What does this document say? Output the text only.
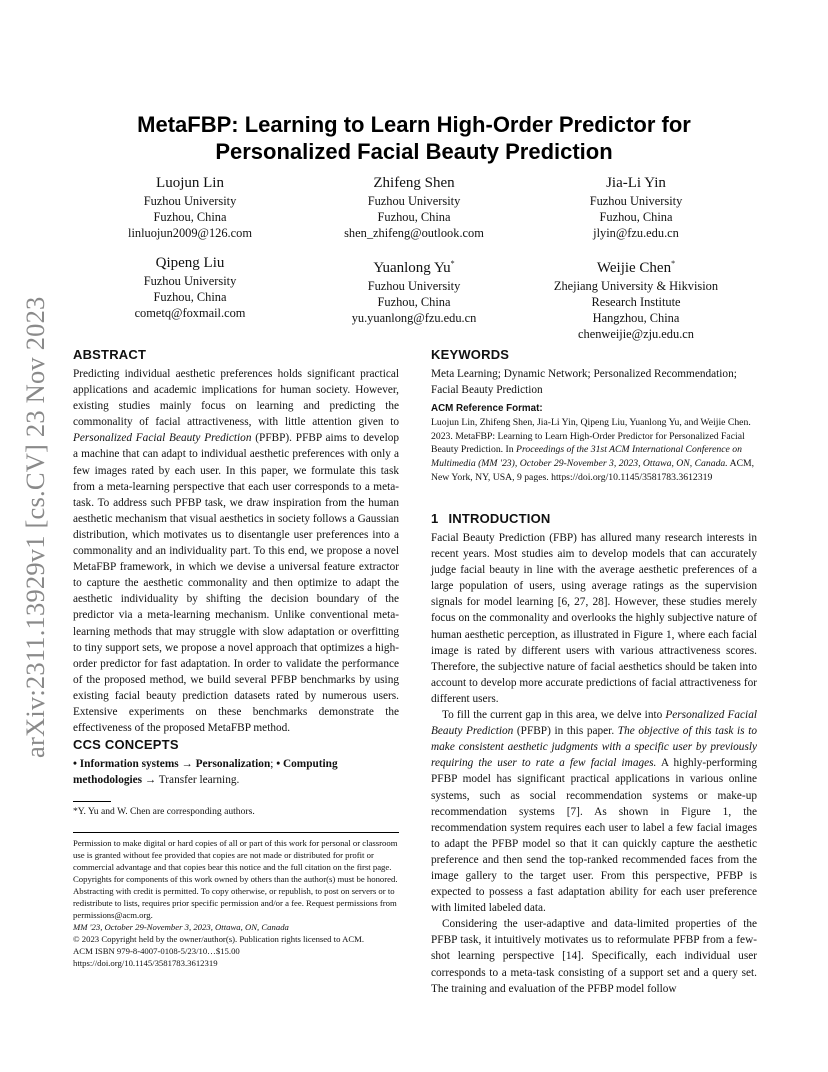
arXiv:2311.13929v1 [cs.CV] 23 Nov 2023
MetaFBP: Learning to Learn High-Order Predictor for
Personalized Facial Beauty Prediction
Luojun Lin
Fuzhou University
Fuzhou, China
linluojun2009@126.com
Zhifeng Shen
Fuzhou University
Fuzhou, China
shen_zhifeng@outlook.com
Jia-Li Yin
Fuzhou University
Fuzhou, China
jlyin@fzu.edu.cn
Qipeng Liu
Fuzhou University
Fuzhou, China
cometq@foxmail.com
Yuanlong Yu*
Fuzhou University
Fuzhou, China
yu.yuanlong@fzu.edu.cn
Weijie Chen*
Zhejiang University & Hikvision
Research Institute
Hangzhou, China
chenweijie@zju.edu.cn
ABSTRACT

Predicting individual aesthetic preferences holds significant practical applications and academic implications for human society. However, existing studies mainly focus on learning and predicting the commonality of facial attractiveness, with little attention given to Personalized Facial Beauty Prediction (PFBP). PFBP aims to develop a machine that can adapt to individual aesthetic preferences with only a few images rated by each user. In this paper, we formulate this task from a meta-learning perspective that each user corresponds to a meta-task. To address such PFBP task, we draw inspiration from the human aesthetic mechanism that visual aesthetics in society follows a Gaussian distribution, which motivates us to disentangle user preferences into a commonality and an individuality part. To this end, we propose a novel MetaFBP framework, in which we devise a universal feature extractor to capture the aesthetic commonality and then optimize to adapt the aesthetic individuality by shifting the decision boundary of the predictor via a meta-learning mechanism. Unlike conventional meta-learning methods that may struggle with slow adaptation or overfitting to tiny support sets, we propose a novel approach that optimizes a high-order predictor for fast adaptation. In order to validate the performance of the proposed method, we build several PFBP benchmarks by using existing facial beauty prediction datasets rated by numerous users. Extensive experiments on these benchmarks demonstrate the effectiveness of the proposed MetaFBP method.

CCS CONCEPTS

• Information systems → Personalization; • Computing methodologies → Transfer learning.

*Y. Yu and W. Chen are corresponding authors.
Permission to make digital or hard copies of all or part of this work for personal or classroom use is granted without fee provided that copies are not made or distributed for profit or commercial advantage and that copies bear this notice and the full citation on the first page. Copyrights for components of this work owned by others than the author(s) must be honored. Abstracting with credit is permitted. To copy otherwise, or republish, to post on servers or to redistribute to lists, requires prior specific permission and/or a fee. Request permissions from permissions@acm.org.
MM '23, October 29-November 3, 2023, Ottawa, ON, Canada
© 2023 Copyright held by the owner/author(s). Publication rights licensed to ACM.
ACM ISBN 979-8-4007-0108-5/23/10…$15.00
https://doi.org/10.1145/3581783.3612319
KEYWORDS

Meta Learning; Dynamic Network; Personalized Recommendation; Facial Beauty Prediction

ACM Reference Format:

Luojun Lin, Zhifeng Shen, Jia-Li Yin, Qipeng Liu, Yuanlong Yu, and Weijie Chen. 2023. MetaFBP: Learning to Learn High-Order Predictor for Personalized Facial Beauty Prediction. In Proceedings of the 31st ACM International Conference on Multimedia (MM '23), October 29-November 3, 2023, Ottawa, ON, Canada. ACM, New York, NY, USA, 9 pages. https://doi.org/10.1145/3581783.3612319

1 INTRODUCTION

Facial Beauty Prediction (FBP) has allured many research interests in recent years. Most studies aim to develop models that can accurately judge facial beauty in line with the average aesthetic preferences of a large population of users, using average ratings as the supervision signals for model learning [6, 27, 28]. However, these studies merely focus on the commonality and overlooks the highly subjective nature of human aesthetic perception, as illustrated in Figure 1, where each facial image is rated by different users with various attractiveness scores. Therefore, the subjective nature of facial aesthetics should be taken into account to develop more accurate predictions of facial attractiveness for different users.

To fill the current gap in this area, we delve into Personalized Facial Beauty Prediction (PFBP) in this paper. The objective of this task is to make consistent aesthetic judgments with a specific user by previously requiring the user to rate a few facial images. A highly-performing PFBP model has significant practical applications in various online systems, such as social recommendation systems or make-up recommendation systems [7]. As shown in Figure 1, the recommendation system requires each user to label a few facial images to adapt the PFBP model so that it can quickly capture the aesthetic preference and then send the top-ranked recommended faces from the image gallery to the target user. From this perspective, PFBP is expected to possess a fast adaptation ability for each user preference with limited labeled data.

Considering the user-adaptive and data-limited properties of the PFBP task, it intuitively motivates us to reformulate PFBP from a few-shot learning perspective [14]. Specifically, each individual user corresponds to a meta-task consisting of a support set and a query set. The training and evaluation of the PFBP model follow
